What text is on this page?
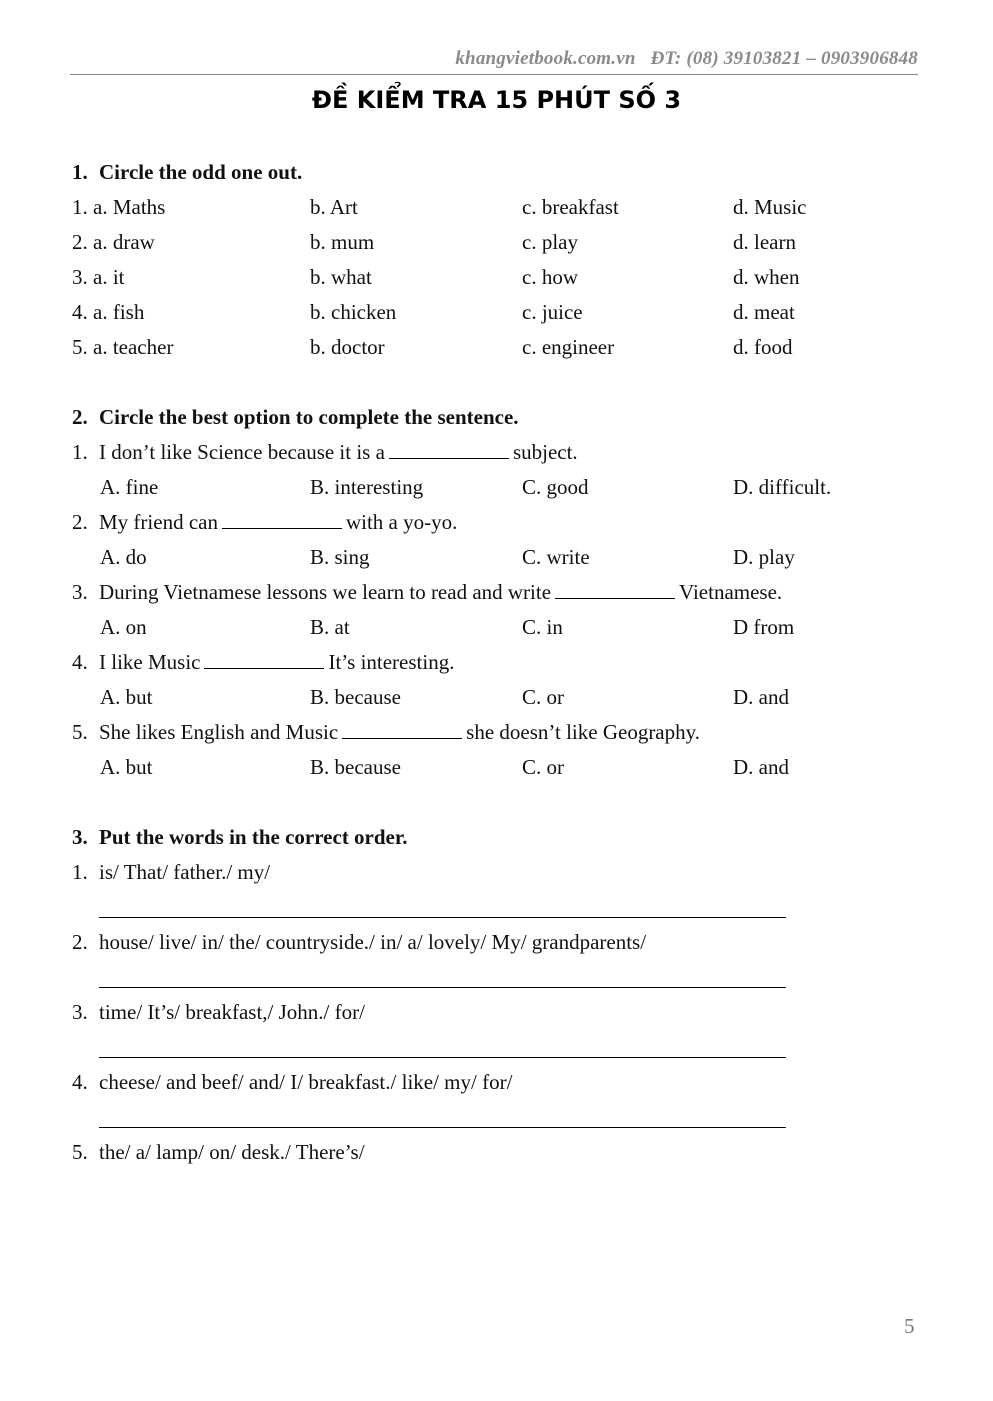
khangvietbook.com.vn ĐT: (08) 39103821 – 0903906848
ĐỀ KIỂM TRA 15 PHÚT SỐ 3
1. Circle the odd one out.
1. a. Maths	b. Art	c. breakfast	d. Music
2. a. draw	b. mum	c. play	d. learn
3. a. it	b. what	c. how	d. when
4. a. fish	b. chicken	c. juice	d. meat
5. a. teacher	b. doctor	c. engineer	d. food
2. Circle the best option to complete the sentence.
1. I don’t like Science because it is a	subject.
A. fine	B. interesting	C. good	D. difficult.
2. My friend can	with a yo-yo.
A. do	B. sing	C. write	D. play
3. During Vietnamese lessons we learn to read and write	Vietnamese.
A. on	B. at	C. in	D from
4. I like Music	It’s interesting.
A. but	B. because	C. or	D. and
5. She likes English and Music	she doesn’t like Geography.
A. but	B. because	C. or	D. and
3. Put the words in the correct order.
1. is/ That/ father./ my/
2. house/ live/ in/ the/ countryside./ in/ a/ lovely/ My/ grandparents/
3. time/ It’s/ breakfast,/ John./ for/
4. cheese/ and beef/ and/ I/ breakfast./ like/ my/ for/
5. the/ a/ lamp/ on/ desk./ There’s/
5
